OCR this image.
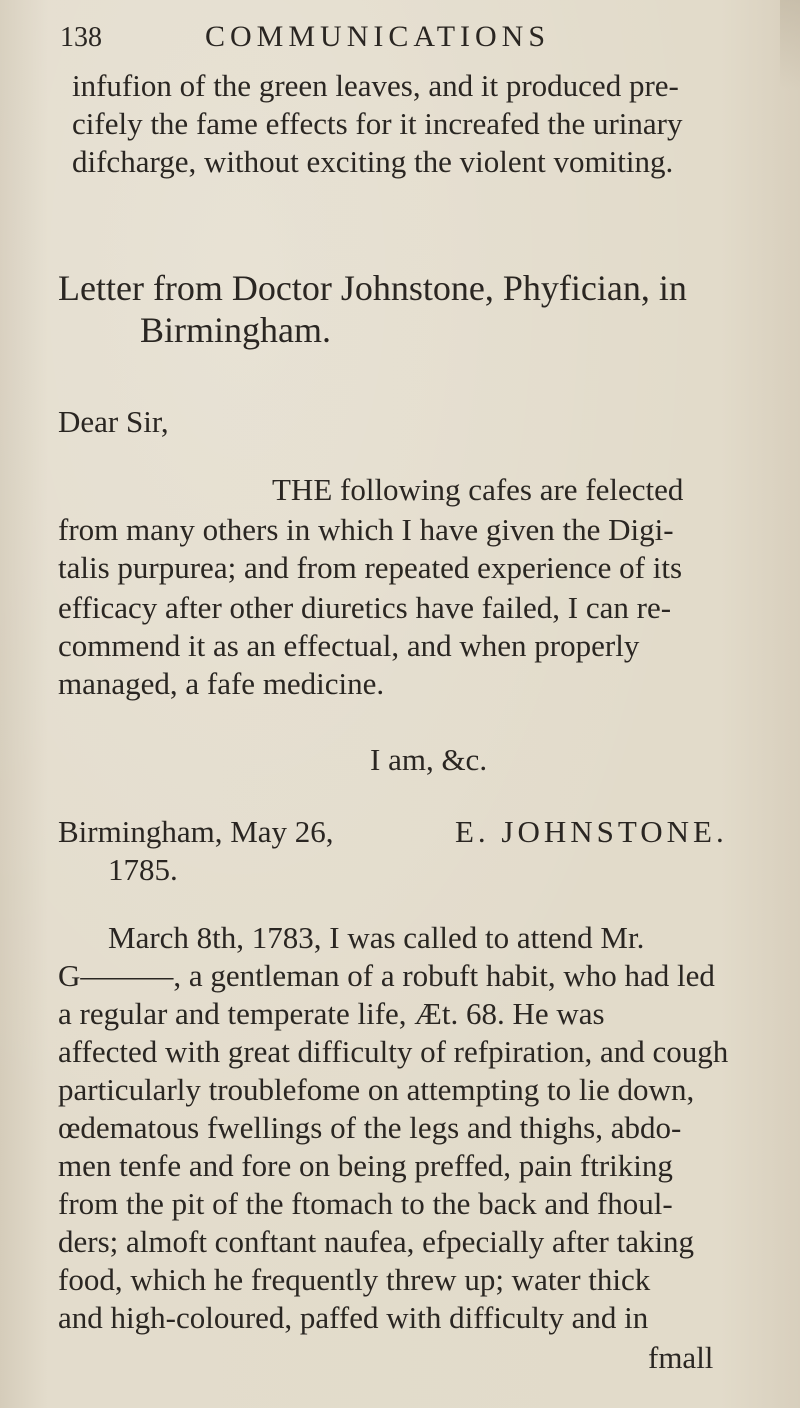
138	COMMUNICATIONS
infufion of the green leaves, and it produced pre-
cifely the fame effects for it increafed the urinary
difcharge, without exciting the violent vomiting.
Letter from Doctor Johnstone, Phyfician, in
Birmingham.
Dear Sir,
THE following cafes are felected
from many others in which I have given the Digi-
talis purpurea; and from repeated experience of its
efficacy after other diuretics have failed, I can re-
commend it as an effectual, and when properly
managed, a fafe medicine.
I am, &c.
Birmingham, May 26,	E. JOHNSTONE.
1785.
March 8th, 1783, I was called to attend Mr.
G———, a gentleman of a robuft habit, who had led
a regular and temperate life, Æt. 68. He was
affected with great difficulty of refpiration, and cough
particularly troublefome on attempting to lie down,
œdematous fwellings of the legs and thighs, abdo-
men tenfe and fore on being preffed, pain ftriking
from the pit of the ftomach to the back and fhoul-
ders; almoft conftant naufea, efpecially after taking
food, which he frequently threw up; water thick
and high-coloured, paffed with difficulty and in
fmall
